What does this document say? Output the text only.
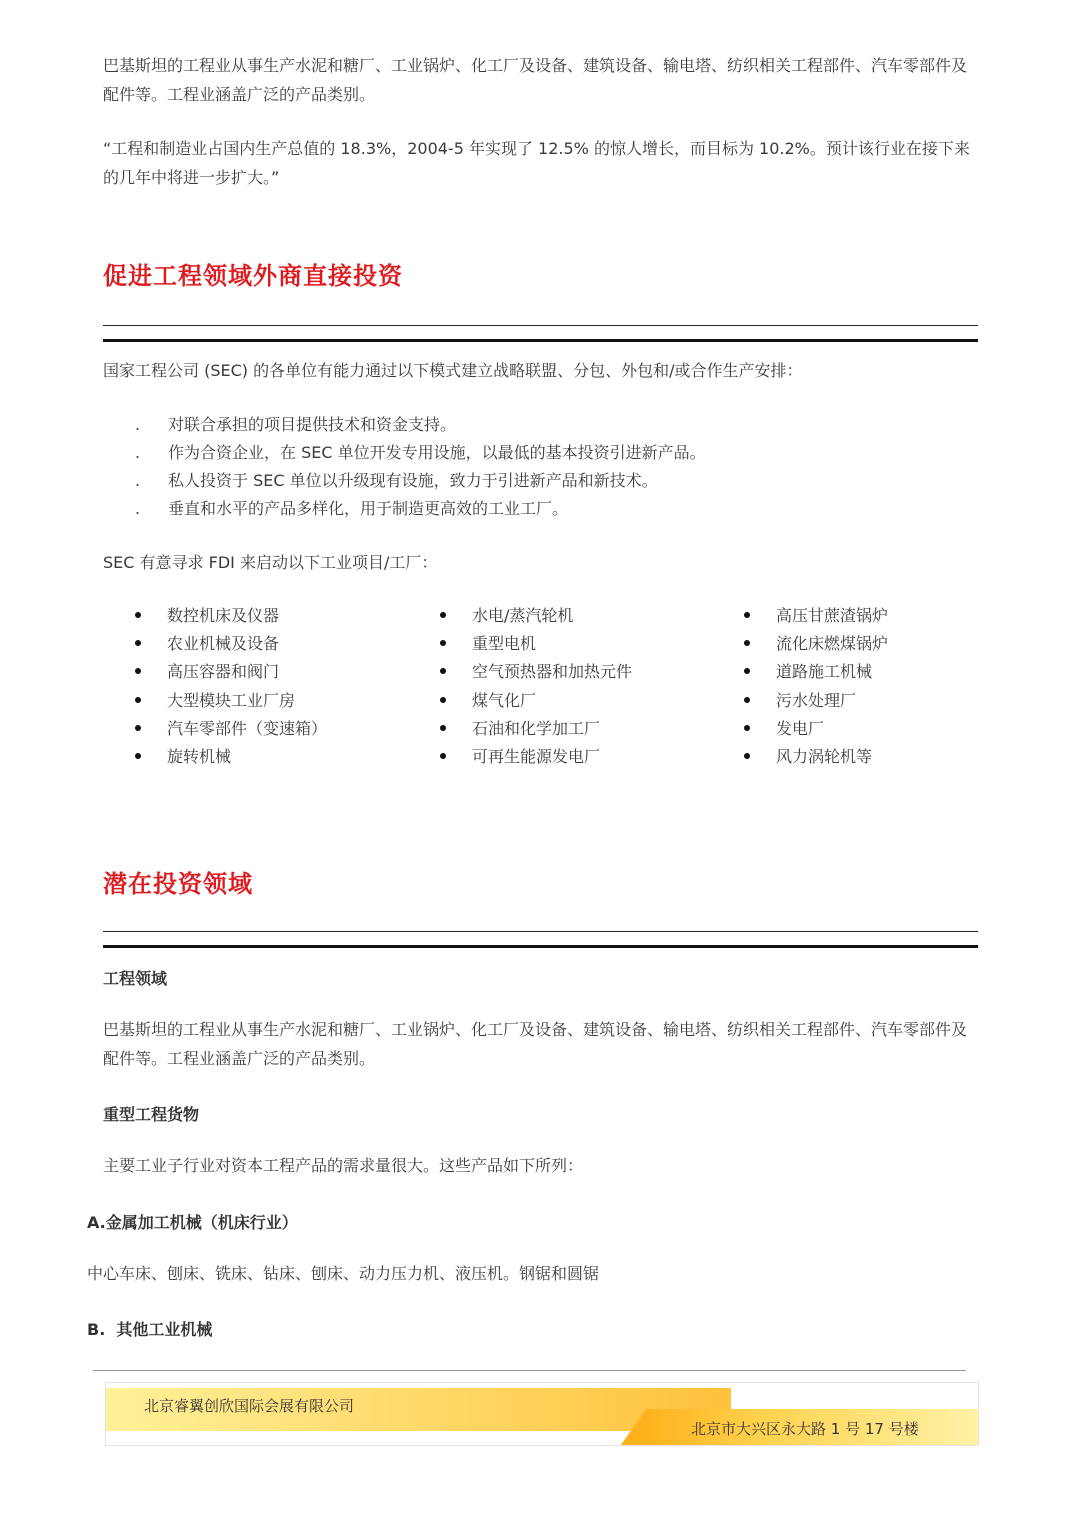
巴基斯坦的工程业从事生产水泥和糖厂、工业锅炉、化工厂及设备、建筑设备、输电塔、纺织相关工程部件、汽车零部件及配件等。工程业涵盖广泛的产品类别。
“工程和制造业占国内生产总值的 18.3%，2004-5 年实现了 12.5% 的惊人增长，而目标为 10.2%。预计该行业在接下来的几年中将进一步扩大。”
促进工程领域外商直接投资
国家工程公司 (SEC) 的各单位有能力通过以下模式建立战略联盟、分包、外包和/或合作生产安排：
. 对联合承担的项目提供技术和资金支持。
. 作为合资企业，在 SEC 单位开发专用设施，以最低的基本投资引进新产品。
. 私人投资于 SEC 单位以升级现有设施，致力于引进新产品和新技术。
. 垂直和水平的产品多样化，用于制造更高效的工业工厂。
SEC 有意寻求 FDI 来启动以下工业项目/工厂：
数控机床及仪器
农业机械及设备
高压容器和阀门
大型模块工业厂房
汽车零部件（变速箱）
旋转机械
水电/蒸汽轮机
重型电机
空气预热器和加热元件
煤气化厂
石油和化学加工厂
可再生能源发电厂
高压甘蔗渣锅炉
流化床燃煤锅炉
道路施工机械
污水处理厂
发电厂
风力涡轮机等
潜在投资领域
工程领域
巴基斯坦的工程业从事生产水泥和糖厂、工业锅炉、化工厂及设备、建筑设备、输电塔、纺织相关工程部件、汽车零部件及配件等。工程业涵盖广泛的产品类别。
重型工程货物
主要工业子行业对资本工程产品的需求量很大。这些产品如下所列：
A.金属加工机械（机床行业）
中心车床、刨床、铣床、钻床、刨床、动力压力机、液压机。钢锯和圆锯
B.  其他工业机械
北京睿翼创欣国际会展有限公司
北京市大兴区永大路 1 号 17 号楼
